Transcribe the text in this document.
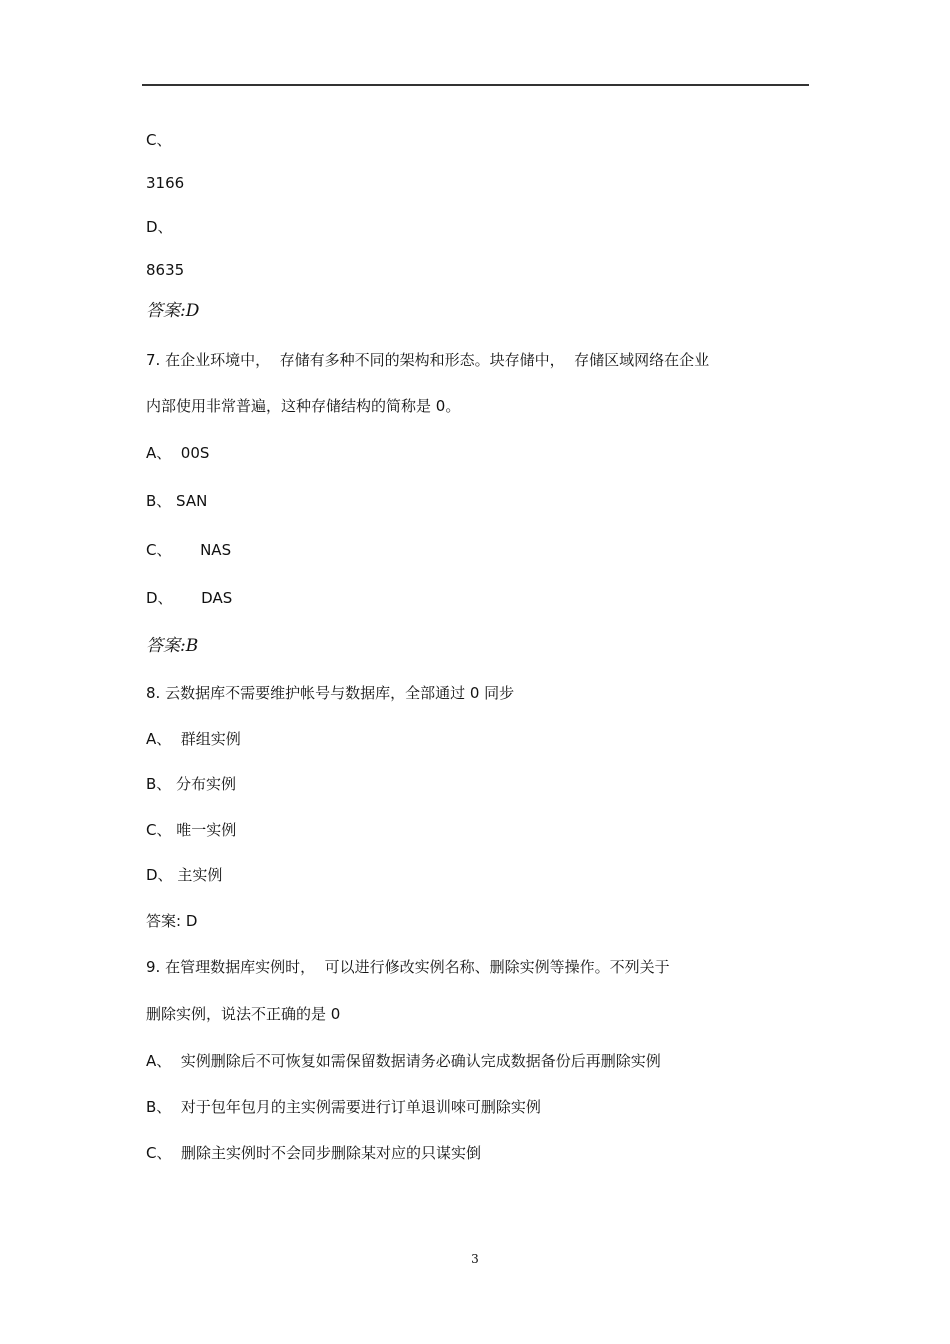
C、
3166
D、
8635
答案:D
7. 在企业环境中，  存储有多种不同的架构和形态。块存储中，  存储区域网络在企业
内部使用非常普遍，这种存储结构的简称是 0。
A、  00S
B、 SAN
C、      NAS
D、      DAS
答案:B
8. 云数据库不需要维护帐号与数据库，全部通过 0 同步
A、  群组实例
B、 分布实例
C、 唯一实例
D、 主实例
答案: D
9. 在管理数据库实例时，  可以进行修改实例名称、删除实例等操作。不列关于
删除实例，说法不正确的是 0
A、  实例删除后不可恢复如需保留数据请务必确认完成数据备份后再删除实例
B、  对于包年包月的主实例需要进行订单退训唻可删除实例
C、  删除主实例时不会同步删除某对应的只谋实倒
3
